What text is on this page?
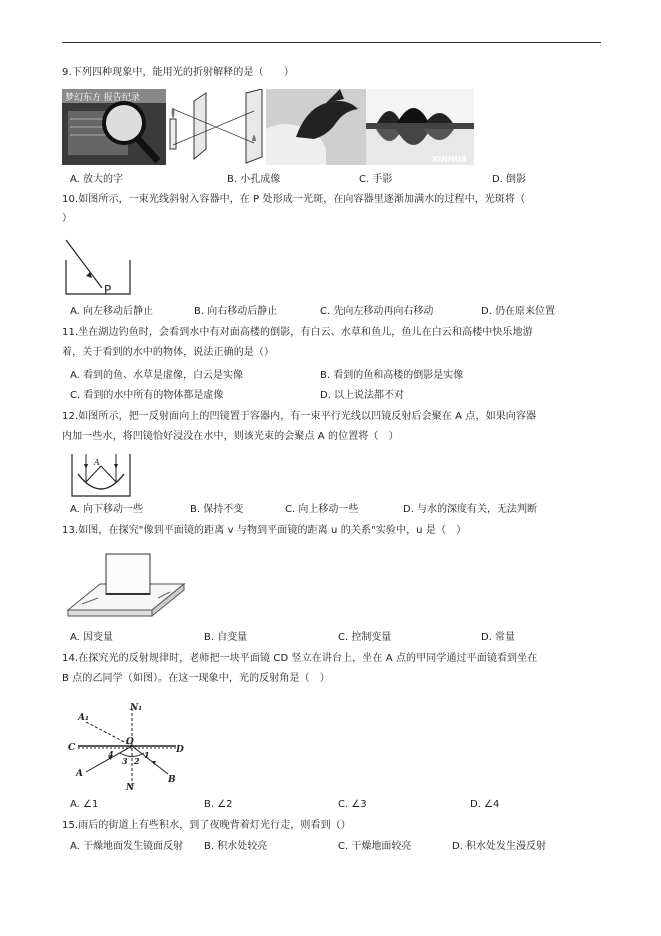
9.下列四种现象中，能用光的折射解释的是（　　）
梦幻东方 报告纪录
XINHUA
A. 放大的字	B. 小孔成像	C. 手影	D. 倒影
10.如图所示，一束光线斜射入容器中，在 P 处形成一光斑，在向容器里逐渐加满水的过程中，光斑将（
）
P
A. 向左移动后静止	B. 向右移动后静止	C. 先向左移动再向右移动	D. 仍在原来位置
11.坐在湖边钓鱼时，会看到水中有对面高楼的倒影，有白云、水草和鱼儿，鱼儿在白云和高楼中快乐地游
着，关于看到的水中的物体，说法正确的是（）
A. 看到的鱼、水草是虚像，白云是实像	B. 看到的鱼和高楼的倒影是实像
C. 看到的水中所有的物体都是虚像	D. 以上说法都不对
12.如图所示，把一反射面向上的凹镜置于容器内，有一束平行光线以凹镜反射后会聚在 A 点，如果向容器
内加一些水，将凹镜恰好浸没在水中，则该光束的会聚点 A 的位置将（　）
A
A. 向下移动一些	B. 保持不变	C. 向上移动一些	D. 与水的深度有关，无法判断
13.如图，在探究"像到平面镜的距离 v 与物到平面镜的距离 u 的关系"实验中，u 是（　）
A. 因变量	B. 自变量	C. 控制变量	D. 常量
14.在探究光的反射规律时，老师把一块平面镜 CD 竖立在讲台上，坐在 A 点的甲同学通过平面镜看到坐在
B 点的乙同学（如图）。在这一现象中，光的反射角是（　）
N₁
A₁
C
O
D
A
B
N
1
2
3
4
A. ∠1	B. ∠2	C. ∠3	D. ∠4
15.雨后的街道上有些积水，到了夜晚背着灯光行走，则看到（）
A. 干燥地面发生镜面反射 B. 积水处较亮	C. 干燥地面较亮	D. 积水处发生漫反射
